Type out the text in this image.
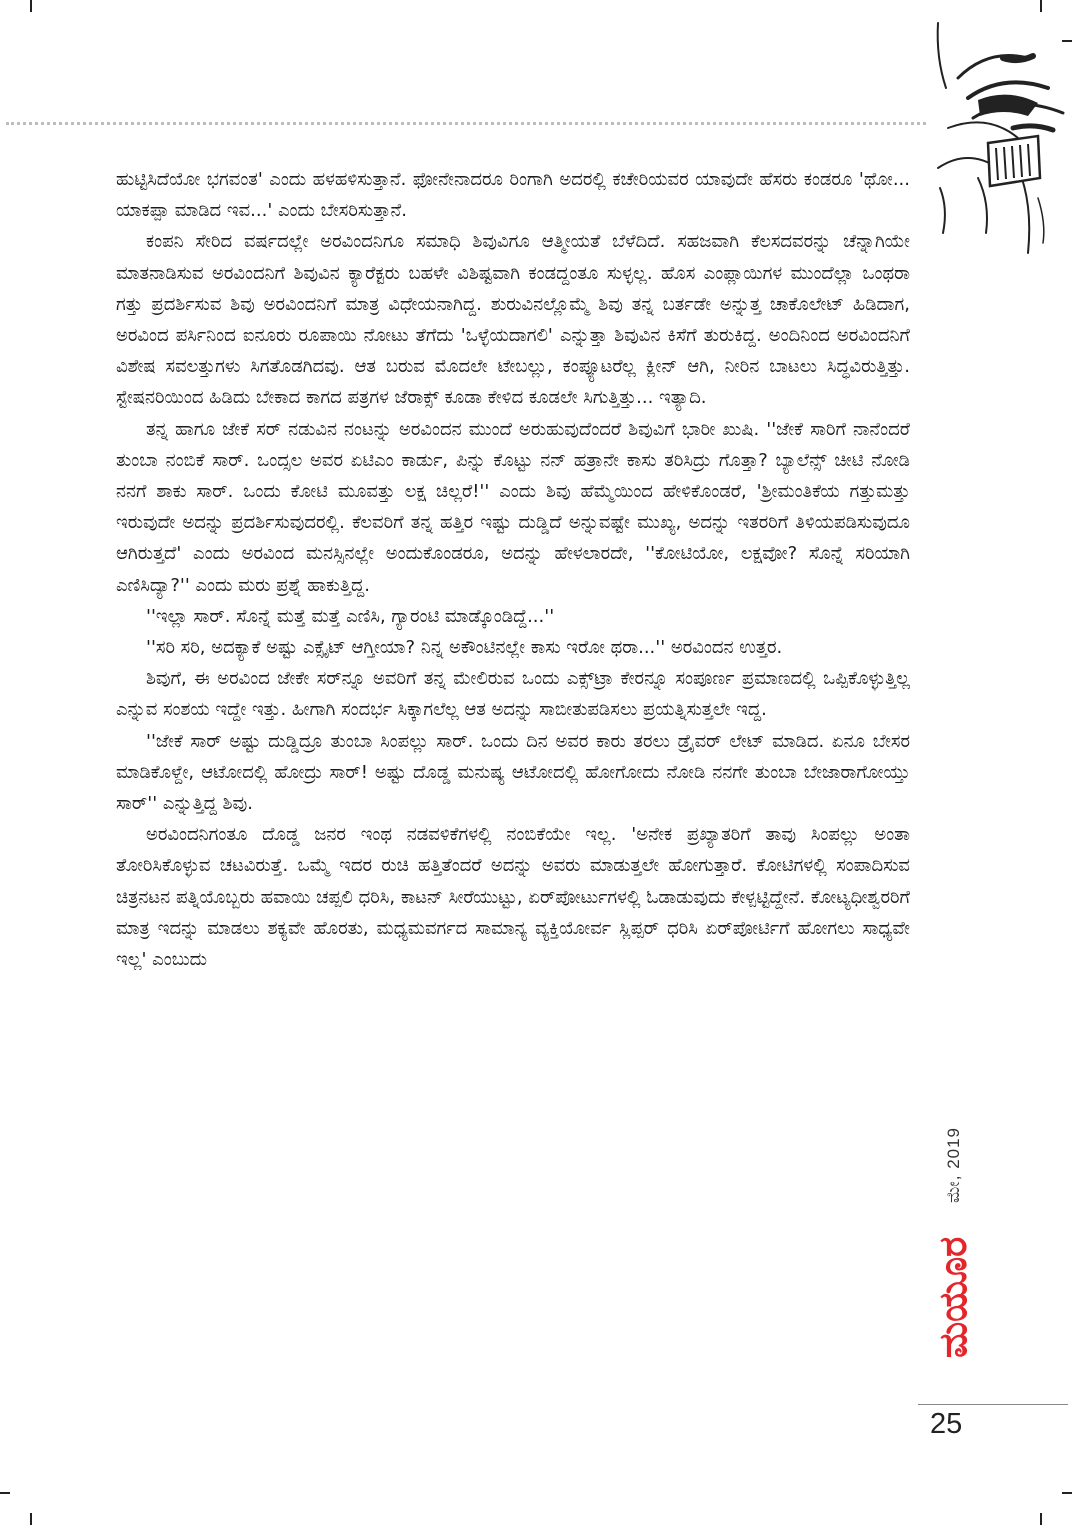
ಹುಟ್ಟಿಸಿದೆಯೋ ಭಗವಂತ' ಎಂದು ಹಳಹಳಿಸುತ್ತಾನೆ. ಫೋನೇನಾದರೂ ರಿಂಗಾಗಿ ಅದರಲ್ಲಿ ಕಚೇರಿಯವರ ಯಾವುದೇ ಹೆಸರು ಕಂಡರೂ 'ಥೋ... ಯಾಕಪ್ಪಾ ಮಾಡಿದ ಇವ...' ಎಂದು ಬೇಸರಿಸುತ್ತಾನೆ.

ಕಂಪನಿ ಸೇರಿದ ವರ್ಷದಲ್ಲೇ ಅರವಿಂದನಿಗೂ ಸಮಾಧಿ ಶಿವುವಿಗೂ ಆತ್ಮೀಯತೆ ಬೆಳೆದಿದೆ. ಸಹಜವಾಗಿ ಕೆಲಸದವರನ್ನು ಚೆನ್ನಾಗಿಯೇ ಮಾತನಾಡಿಸುವ ಅರವಿಂದನಿಗೆ ಶಿವುವಿನ ಕ್ಯಾರೆಕ್ಟರು ಬಹಳೇ ವಿಶಿಷ್ಟವಾಗಿ ಕಂಡದ್ದಂತೂ ಸುಳ್ಳಲ್ಲ. ಹೊಸ ಎಂಪ್ಲಾಯಿಗಳ ಮುಂದೆಲ್ಲಾ ಒಂಥರಾ ಗತ್ತು ಪ್ರದರ್ಶಿಸುವ ಶಿವು ಅರವಿಂದನಿಗೆ ಮಾತ್ರ ವಿಧೇಯನಾಗಿದ್ದ. ಶುರುವಿನಲ್ಲೊಮ್ಮೆ ಶಿವು ತನ್ನ ಬರ್ತಡೇ ಅನ್ನುತ್ತ ಚಾಕೊಲೇಟ್ ಹಿಡಿದಾಗ, ಅರವಿಂದ ಪರ್ಸಿನಿಂದ ಐನೂರು ರೂಪಾಯಿ ನೋಟು ತೆಗೆದು 'ಒಳ್ಳೆಯದಾಗಲಿ' ಎನ್ನುತ್ತಾ ಶಿವುವಿನ ಕಿಸೆಗೆ ತುರುಕಿದ್ದ. ಅಂದಿನಿಂದ ಅರವಿಂದನಿಗೆ ವಿಶೇಷ ಸವಲತ್ತುಗಳು ಸಿಗತೊಡಗಿದವು. ಆತ ಬರುವ ಮೊದಲೇ ಟೇಬಲ್ಲು, ಕಂಪ್ಯೂಟರೆಲ್ಲ ಕ್ಲೀನ್ ಆಗಿ, ನೀರಿನ ಬಾಟಲು ಸಿದ್ಧವಿರುತ್ತಿತ್ತು. ಸ್ಟೇಷನರಿಯಿಂದ ಹಿಡಿದು ಬೇಕಾದ ಕಾಗದ ಪತ್ರಗಳ ಜೆರಾಕ್ಸ್ ಕೂಡಾ ಕೇಳಿದ ಕೂಡಲೇ ಸಿಗುತ್ತಿತ್ತು... ಇತ್ಯಾದಿ.

ತನ್ನ ಹಾಗೂ ಜೇಕೆ ಸರ್ ನಡುವಿನ ನಂಟನ್ನು ಅರವಿಂದನ ಮುಂದೆ ಅರುಹುವುದೆಂದರೆ ಶಿವುವಿಗೆ ಭಾರೀ ಖುಷಿ. ''ಜೇಕೆ ಸಾರಿಗೆ ನಾನೆಂದರೆ ತುಂಬಾ ನಂಬಿಕೆ ಸಾರ್. ಒಂದ್ಸಲ ಅವರ ಏಟಿಎಂ ಕಾರ್ಡು, ಪಿನ್ನು ಕೊಟ್ಟು ನನ್ ಹತ್ರಾನೇ ಕಾಸು ತರಿಸಿದ್ರು ಗೊತ್ತಾ? ಬ್ಯಾಲೆನ್ಸ್ ಚೀಟಿ ನೋಡಿ ನನಗೆ ಶಾಕು ಸಾರ್. ಒಂದು ಕೋಟಿ ಮೂವತ್ತು ಲಕ್ಷ ಚಿಲ್ಲರೆ!'' ಎಂದು ಶಿವು ಹೆಮ್ಮೆಯಿಂದ ಹೇಳಿಕೊಂಡರೆ, 'ಶ್ರೀಮಂತಿಕೆಯ ಗತ್ತುಮತ್ತು ಇರುವುದೇ ಅದನ್ನು ಪ್ರದರ್ಶಿಸುವುದರಲ್ಲಿ. ಕೆಲವರಿಗೆ ತನ್ನ ಹತ್ತಿರ ಇಷ್ಟು ದುಡ್ಡಿದೆ ಅನ್ನುವಷ್ಟೇ ಮುಖ್ಯ, ಅದನ್ನು ಇತರರಿಗೆ ತಿಳಿಯಪಡಿಸುವುದೂ ಆಗಿರುತ್ತದೆ' ಎಂದು ಅರವಿಂದ ಮನಸ್ಸಿನಲ್ಲೇ ಅಂದುಕೊಂಡರೂ, ಅದನ್ನು ಹೇಳಲಾರದೇ, ''ಕೋಟಿಯೋ, ಲಕ್ಷವೋ? ಸೊನ್ನೆ ಸರಿಯಾಗಿ ಎಣಿಸಿದ್ಯಾ?'' ಎಂದು ಮರು ಪ್ರಶ್ನೆ ಹಾಕುತ್ತಿದ್ದ.

''ಇಲ್ಲಾ ಸಾರ್. ಸೊನ್ನೆ ಮತ್ತೆ ಮತ್ತೆ ಎಣಿಸಿ, ಗ್ಯಾರಂಟಿ ಮಾಡ್ಕೊಂಡಿದ್ದೆ...''

''ಸರಿ ಸರಿ, ಅದಕ್ಯಾಕೆ ಅಷ್ಟು ಎಕ್ಸೈಟ್ ಆಗ್ತೀಯಾ? ನಿನ್ನ ಅಕೌಂಟಿನಲ್ಲೇ ಕಾಸು ಇರೋ ಥರಾ...'' ಅರವಿಂದನ ಉತ್ತರ.

ಶಿವುಗೆ, ಈ ಅರವಿಂದ ಜೇಕೇ ಸರ್‌ನ್ನೂ ಅವರಿಗೆ ತನ್ನ ಮೇಲಿರುವ ಒಂದು ಎಕ್ಸ್‌ಟ್ರಾ ಕೇರನ್ನೂ ಸಂಪೂರ್ಣ ಪ್ರಮಾಣದಲ್ಲಿ ಒಪ್ಪಿಕೊಳ್ಳುತ್ತಿಲ್ಲ ಎನ್ನುವ ಸಂಶಯ ಇದ್ದೇ ಇತ್ತು. ಹೀಗಾಗಿ ಸಂದರ್ಭ ಸಿಕ್ಕಾಗಲೆಲ್ಲ ಆತ ಅದನ್ನು ಸಾಬೀತುಪಡಿಸಲು ಪ್ರಯತ್ನಿಸುತ್ತಲೇ ಇದ್ದ.

''ಜೇಕೆ ಸಾರ್ ಅಷ್ಟು ದುಡ್ಡಿದ್ರೂ ತುಂಬಾ ಸಿಂಪಲ್ಲು ಸಾರ್. ಒಂದು ದಿನ ಅವರ ಕಾರು ತರಲು ಡ್ರೈವರ್ ಲೇಟ್ ಮಾಡಿದ. ಏನೂ ಬೇಸರ ಮಾಡಿಕೊಳ್ದೇ, ಆಟೋದಲ್ಲಿ ಹೋದ್ರು ಸಾರ್! ಅಷ್ಟು ದೊಡ್ಡ ಮನುಷ್ಯ ಆಟೋದಲ್ಲಿ ಹೋಗೋದು ನೋಡಿ ನನಗೇ ತುಂಬಾ ಬೇಜಾರಾಗೋಯ್ತು ಸಾರ್'' ಎನ್ನುತ್ತಿದ್ದ ಶಿವು.

ಅರವಿಂದನಿಗಂತೂ ದೊಡ್ಡ ಜನರ ಇಂಥ ನಡವಳಿಕೆಗಳಲ್ಲಿ ನಂಬಿಕೆಯೇ ಇಲ್ಲ. 'ಅನೇಕ ಪ್ರಖ್ಯಾತರಿಗೆ ತಾವು ಸಿಂಪಲ್ಲು ಅಂತಾ ತೋರಿಸಿಕೊಳ್ಳುವ ಚಟವಿರುತ್ತೆ. ಒಮ್ಮೆ ಇದರ ರುಚಿ ಹತ್ತಿತೆಂದರೆ ಅದನ್ನು ಅವರು ಮಾಡುತ್ತಲೇ ಹೋಗುತ್ತಾರೆ. ಕೋಟಿಗಳಲ್ಲಿ ಸಂಪಾದಿಸುವ ಚಿತ್ರನಟನ ಪತ್ನಿಯೊಬ್ಬರು ಹವಾಯಿ ಚಪ್ಪಲಿ ಧರಿಸಿ, ಕಾಟನ್ ಸೀರೆಯುಟ್ಟು, ಏರ್‌ಪೋರ್ಟುಗಳಲ್ಲಿ ಓಡಾಡುವುದು ಕೇಳ್ಪಟ್ಟಿದ್ದೇನೆ. ಕೋಟ್ಯಧೀಶ್ವರರಿಗೆ ಮಾತ್ರ ಇದನ್ನು ಮಾಡಲು ಶಕ್ಯವೇ ಹೊರತು, ಮಧ್ಯಮವರ್ಗದ ಸಾಮಾನ್ಯ ವ್ಯಕ್ತಿಯೋರ್ವ ಸ್ಲಿಪ್ಪರ್ ಧರಿಸಿ ಏರ್‌ಪೋರ್ಟಿಗೆ ಹೋಗಲು ಸಾಧ್ಯವೇ ಇಲ್ಲ' ಎಂಬುದು

ಮೇ, 2019
ಮಯೂರ
25
